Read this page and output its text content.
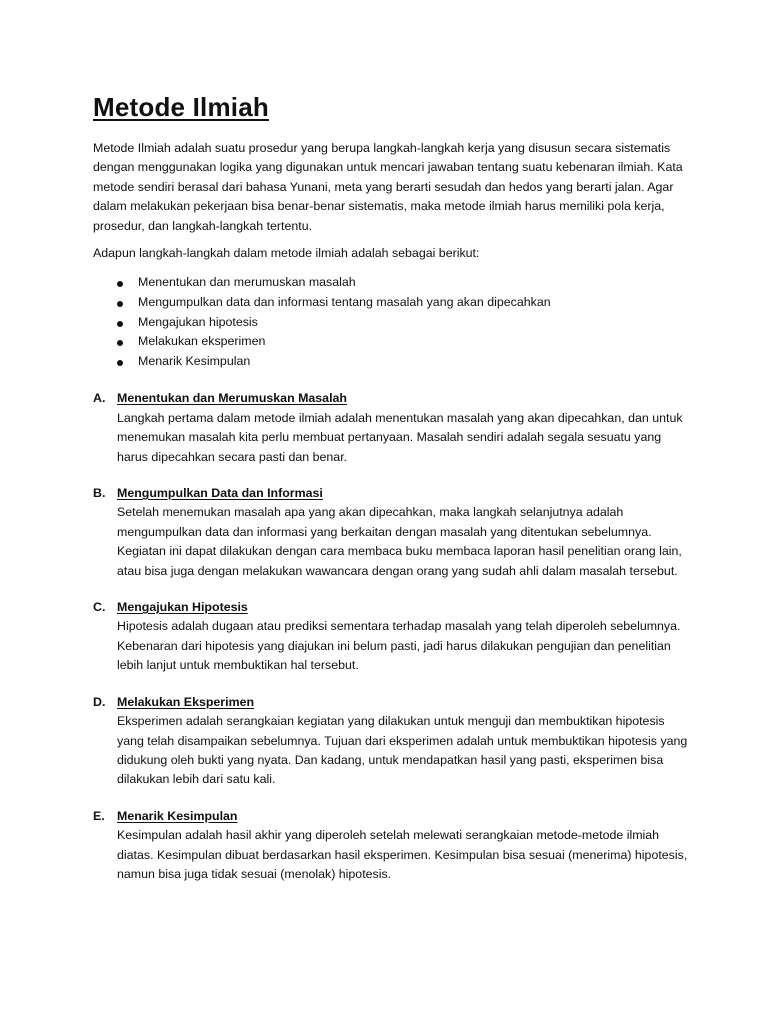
Metode Ilmiah

Metode Ilmiah adalah suatu prosedur yang berupa langkah-langkah kerja yang disusun secara sistematis dengan menggunakan logika yang digunakan untuk mencari jawaban tentang suatu kebenaran ilmiah. Kata metode sendiri berasal dari bahasa Yunani, meta yang berarti sesudah dan hedos yang berarti jalan. Agar dalam melakukan pekerjaan bisa benar-benar sistematis, maka metode ilmiah harus memiliki pola kerja, prosedur, dan langkah-langkah tertentu.

Adapun langkah-langkah dalam metode ilmiah adalah sebagai berikut:

Menentukan dan merumuskan masalah
Mengumpulkan data dan informasi tentang masalah yang akan dipecahkan
Mengajukan hipotesis
Melakukan eksperimen
Menarik Kesimpulan
A. Menentukan dan Merumuskan Masalah

Langkah pertama dalam metode ilmiah adalah menentukan masalah yang akan dipecahkan, dan untuk menemukan masalah kita perlu membuat pertanyaan. Masalah sendiri adalah segala sesuatu yang harus dipecahkan secara pasti dan benar.

B. Mengumpulkan Data dan Informasi

Setelah menemukan masalah apa yang akan dipecahkan, maka langkah selanjutnya adalah mengumpulkan data dan informasi yang berkaitan dengan masalah yang ditentukan sebelumnya. Kegiatan ini dapat dilakukan dengan cara membaca buku membaca laporan hasil penelitian orang lain, atau bisa juga dengan melakukan wawancara dengan orang yang sudah ahli dalam masalah tersebut.

C. Mengajukan Hipotesis

Hipotesis adalah dugaan atau prediksi sementara terhadap masalah yang telah diperoleh sebelumnya. Kebenaran dari hipotesis yang diajukan ini belum pasti, jadi harus dilakukan pengujian dan penelitian lebih lanjut untuk membuktikan hal tersebut.

D. Melakukan Eksperimen

Eksperimen adalah serangkaian kegiatan yang dilakukan untuk menguji dan membuktikan hipotesis yang telah disampaikan sebelumnya. Tujuan dari eksperimen adalah untuk membuktikan hipotesis yang didukung oleh bukti yang nyata. Dan kadang, untuk mendapatkan hasil yang pasti, eksperimen bisa dilakukan lebih dari satu kali.

E. Menarik Kesimpulan

Kesimpulan adalah hasil akhir yang diperoleh setelah melewati serangkaian metode-metode ilmiah diatas. Kesimpulan dibuat berdasarkan hasil eksperimen. Kesimpulan bisa sesuai (menerima) hipotesis, namun bisa juga tidak sesuai (menolak) hipotesis.
